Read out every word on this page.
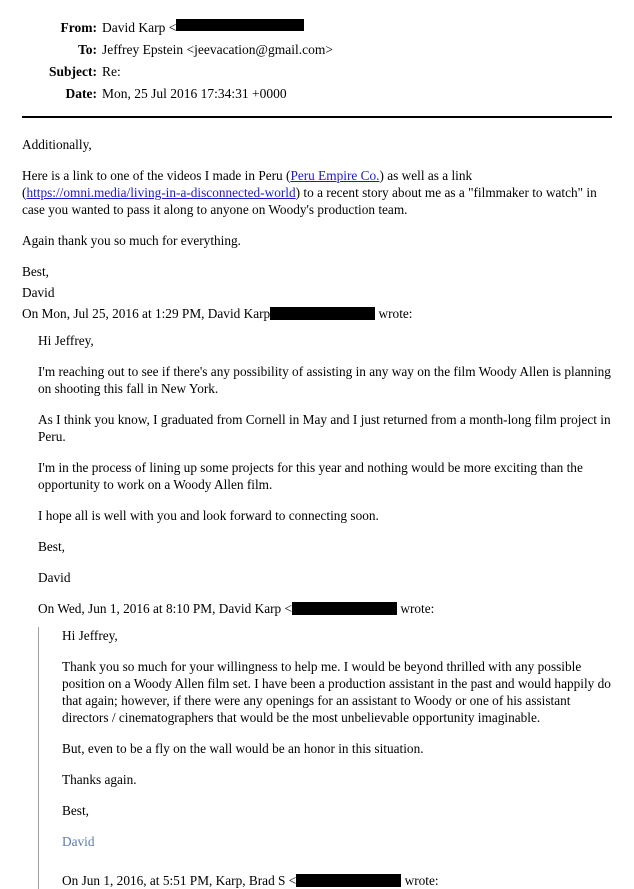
From: David Karp <
To: Jeffrey Epstein <jeevacation@gmail.com>
Subject: Re:
Date: Mon, 25 Jul 2016 17:34:31 +0000

Additionally,

Here is a link to one of the videos I made in Peru (Peru Empire Co.) as well as a link (https://omni.media/living-in-a-disconnected-world) to a recent story about me as a "filmmaker to watch" in case you wanted to pass it along to anyone on Woody's production team.

Again thank you so much for everything.

Best,

David

On Mon, Jul 25, 2016 at 1:29 PM, David Karp	wrote:

Hi Jeffrey,

I'm reaching out to see if there's any possibility of assisting in any way on the film Woody Allen is planning on shooting this fall in New York.

As I think you know, I graduated from Cornell in May and I just returned from a month-long film project in Peru.

I'm in the process of lining up some projects for this year and nothing would be more exciting than the opportunity to work on a Woody Allen film.

I hope all is well with you and look forward to connecting soon.

Best,

David

On Wed, Jun 1, 2016 at 8:10 PM, David Karp <	wrote:

Hi Jeffrey,

Thank you so much for your willingness to help me. I would be beyond thrilled with any possible position on a Woody Allen film set. I have been a production assistant in the past and would happily do that again; however, if there were any openings for an assistant to Woody or one of his assistant directors / cinematographers that would be the most unbelievable opportunity imaginable.

But, even to be a fly on the wall would be an honor in this situation.

Thanks again.

Best,

David

On Jun 1, 2016, at 5:51 PM, Karp, Brad S <	wrote:
